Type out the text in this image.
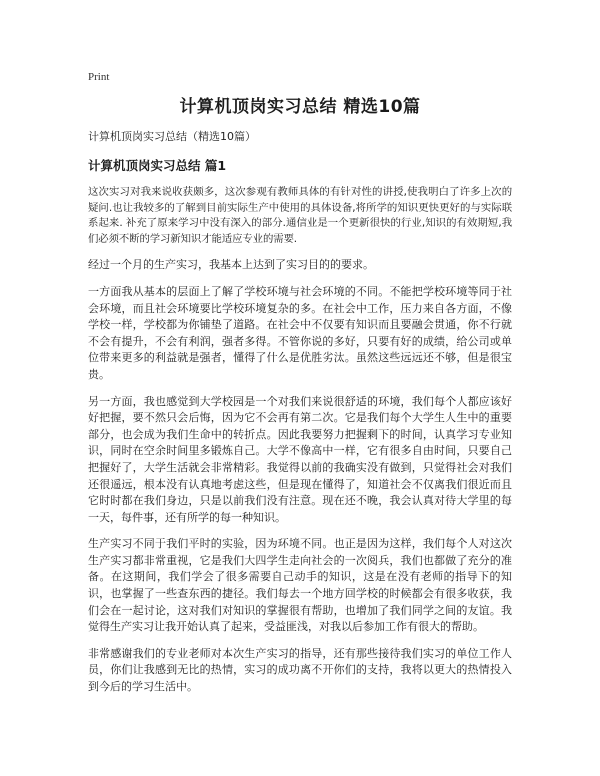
Print
计算机顶岗实习总结 精选10篇
计算机顶岗实习总结（精选10篇）
计算机顶岗实习总结 篇1

这次实习对我来说收获颇多，这次参观有教师具体的有针对性的讲授,使我明白了许多上次的疑问.也让我较多的了解到目前实际生产中使用的具体设备,将所学的知识更快更好的与实际联系起来. 补充了原来学习中没有深入的部分.通信业是一个更新很快的行业,知识的有效期短,我们必须不断的学习新知识才能适应专业的需要.

经过一个月的生产实习，我基本上达到了实习目的的要求。

一方面我从基本的层面上了解了学校环境与社会环境的不同。不能把学校环境等同于社会环境，而且社会环境要比学校环境复杂的多。在社会中工作，压力来自各方面，不像学校一样，学校都为你铺垫了道路。在社会中不仅要有知识而且要融会贯通，你不行就不会有提升，不会有利润，强者多得。不管你说的多好，只要有好的成绩，给公司或单位带来更多的利益就是强者，懂得了什么是优胜劣汰。虽然这些远远还不够，但是很宝贵。

另一方面，我也感觉到大学校园是一个对我们来说很舒适的环境，我们每个人都应该好好把握，要不然只会后悔，因为它不会再有第二次。它是我们每个大学生人生中的重要部分，也会成为我们生命中的转折点。因此我要努力把握剩下的时间，认真学习专业知识，同时在空余时间里多锻炼自己。大学不像高中一样，它有很多自由时间，只要自己把握好了，大学生活就会非常精彩。我觉得以前的我确实没有做到，只觉得社会对我们还很遥远，根本没有认真地考虑这些，但是现在懂得了，知道社会不仅离我们很近而且它时时都在我们身边，只是以前我们没有注意。现在还不晚，我会认真对待大学里的每一天，每件事，还有所学的每一种知识。

生产实习不同于我们平时的实验，因为环境不同。也正是因为这样，我们每个人对这次生产实习都非常重视，它是我们大四学生走向社会的一次阅兵，我们也都做了充分的准备。在这期间，我们学会了很多需要自己动手的知识，这是在没有老师的指导下的知识，也掌握了一些查东西的捷径。我们每去一个地方回学校的时候都会有很多收获，我们会在一起讨论，这对我们对知识的掌握很有帮助，也增加了我们同学之间的友谊。我觉得生产实习让我开始认真了起来，受益匪浅，对我以后参加工作有很大的帮助。

非常感谢我们的专业老师对本次生产实习的指导，还有那些接待我们实习的单位工作人员，你们让我感到无比的热情，实习的成功离不开你们的支持，我将以更大的热情投入到今后的学习生活中。
